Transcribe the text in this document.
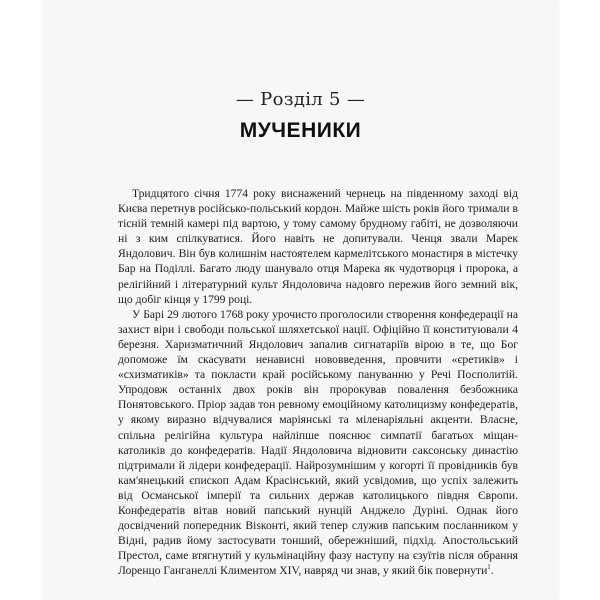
— Розділ 5 —
МУЧЕНИКИ

Тридцятого січня 1774 року виснажений чернець на південному заході від Києва перетнув російсько-польський кордон. Майже шість років його тримали в тісній темній камері під вартою, у тому самому брудному габіті, не дозволяючи ні з ким спілкуватися. Його навіть не допитували. Ченця звали Марек Яндолович. Він був колишнім настоятелем кармелітського монастиря в містечку Бар на Поділлі. Багато люду шанувало отця Марека як чудотворця і пророка, а релігійний і літературний культ Яндоловича надовго пережив його земний вік, що добіг кінця у 1799 році.

У Барі 29 лютого 1768 року урочисто проголосили створення конфедерації на захист віри і свободи польської шляхетської нації. Офіційно її конституювали 4 березня. Харизматичний Яндолович запалив сигнатаріїв вірою в те, що Бог допоможе їм скасувати ненависні нововведення, провчити «єретиків» і «схизматиків» та покласти край російському пануванню у Речі Посполитій. Упродовж останніх двох років він пророкував повалення безбожника Понятовського. Пріор задав тон ревному емоційному католицизму конфедератів, у якому виразно відчувалися маріянські та міленаріяльні акценти. Власне, спільна релігійна культура найліпше пояснює симпатії багатьох міщан-католиків до конфедератів. Надії Яндоловича відновити саксонську династію підтримали й лідери конфедерації. Найрозумнішим у когорті її провідників був кам'янецький єпископ Адам Красінський, який усвідомив, що успіх залежить від Османської імперії та сильних держав католицького півдня Європи. Конфедератів вітав новий папський нунцій Анджело Дуріні. Однак його досвідчений попередник Віsконті, який тепер служив папським посланником у Відні, радив йому застосувати тонший, обережніший, підхід. Апостольський Престол, саме втягнутий у кульмінаційну фазу наступу на єзуїтів після обрання Лоренцо Ганганеллі Климентом XIV, навряд чи знав, у який бік повернути$^1$.
